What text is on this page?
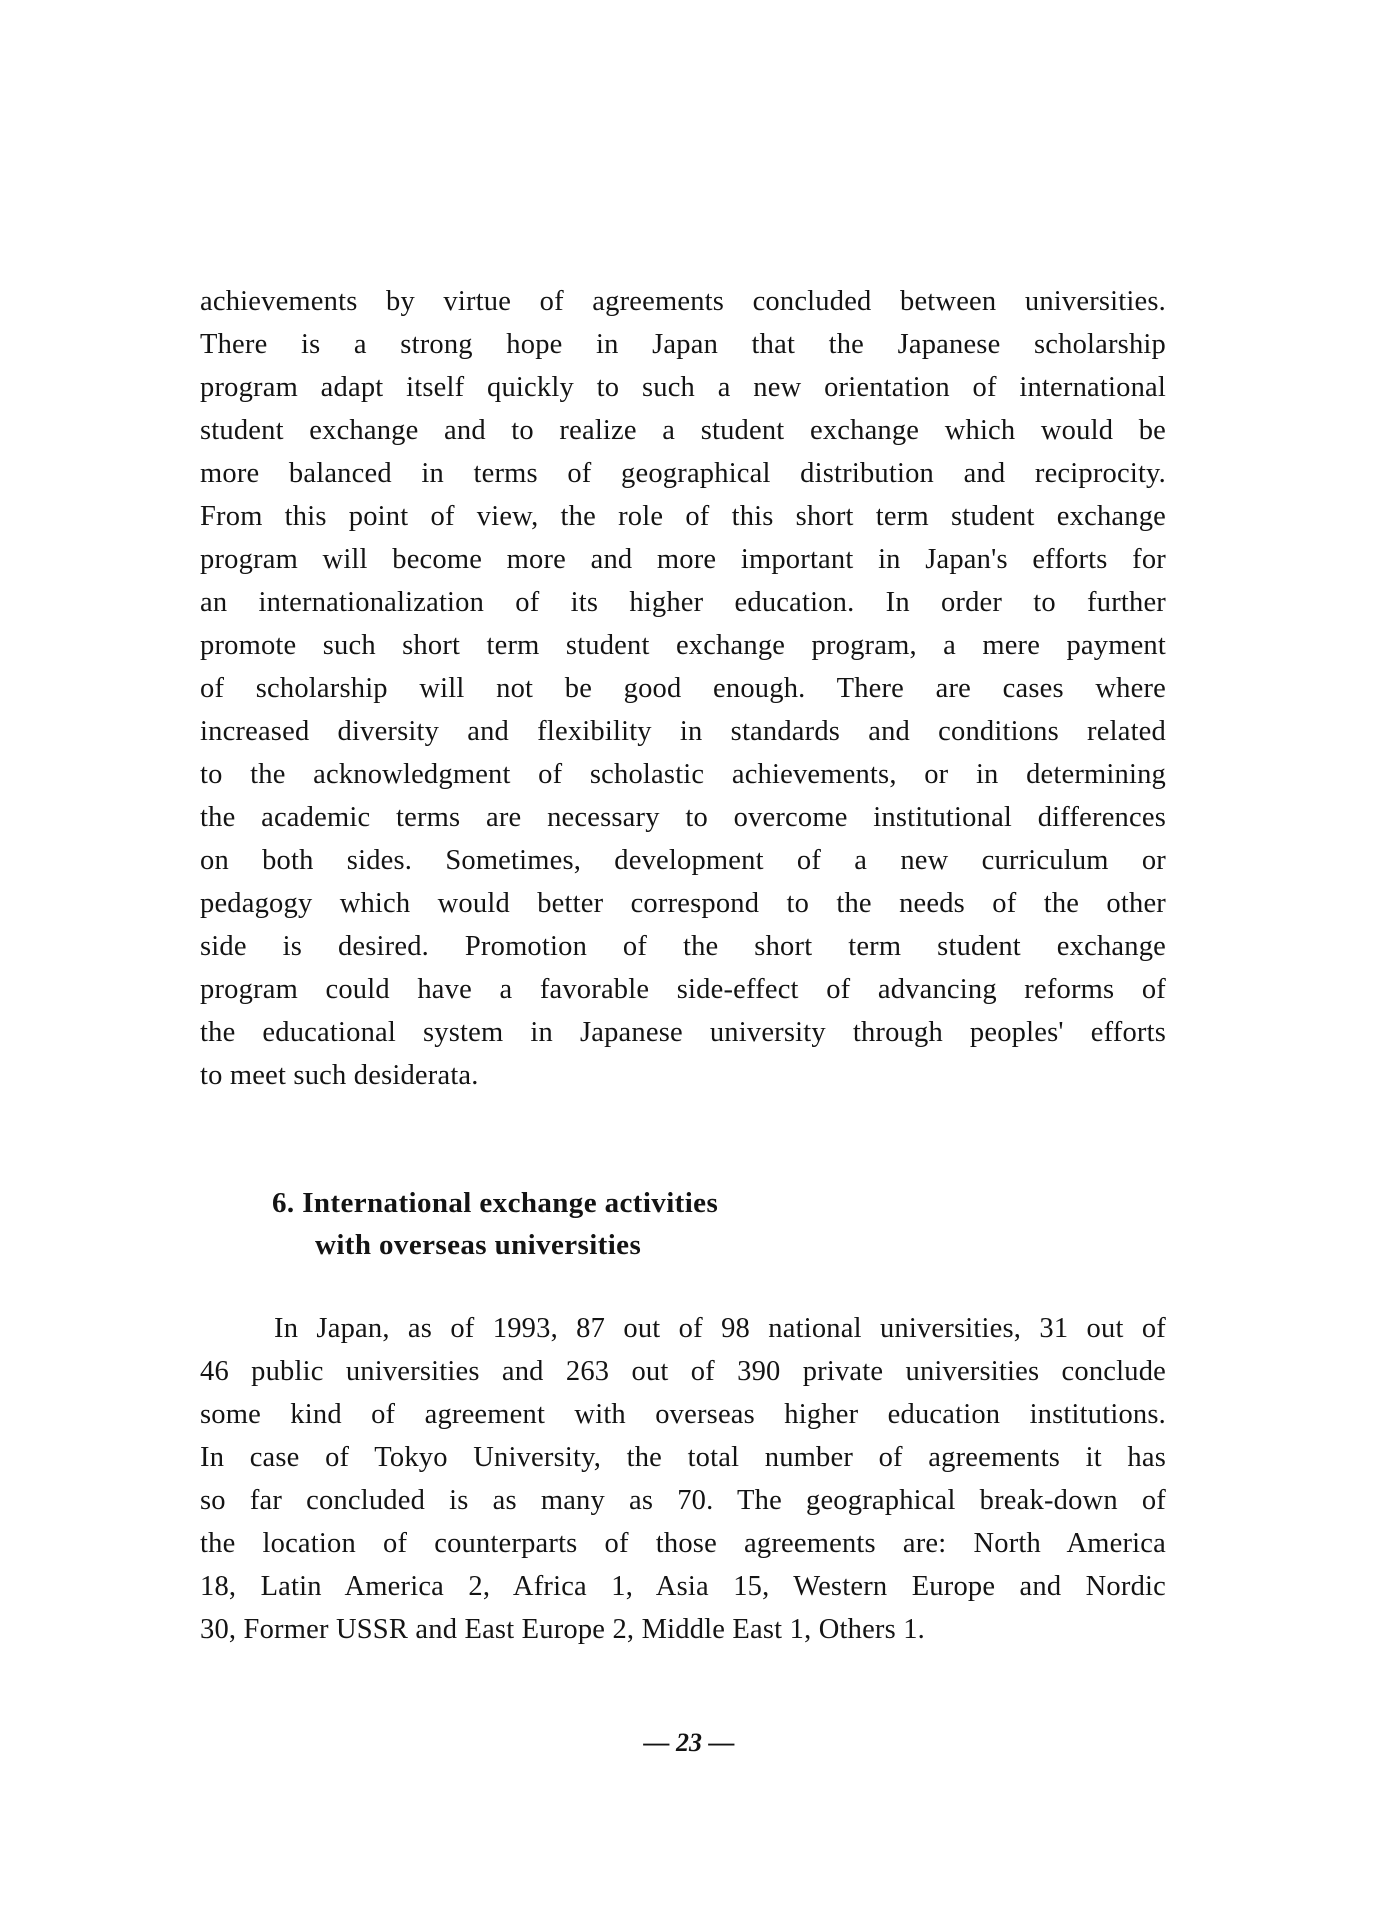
achievements by virtue of agreements concluded between universities.
There is a strong hope in Japan that the Japanese scholarship
program adapt itself quickly to such a new orientation of international
student exchange and to realize a student exchange which would be
more balanced in terms of geographical distribution and reciprocity.
From this point of view, the role of this short term student exchange
program will become more and more important in Japan's efforts for
an internationalization of its higher education. In order to further
promote such short term student exchange program, a mere payment
of scholarship will not be good enough. There are cases where
increased diversity and flexibility in standards and conditions related
to the acknowledgment of scholastic achievements, or in determining
the academic terms are necessary to overcome institutional differences
on both sides. Sometimes, development of a new curriculum or
pedagogy which would better correspond to the needs of the other
side is desired. Promotion of the short term student exchange
program could have a favorable side-effect of advancing reforms of
the educational system in Japanese university through peoples' efforts
to meet such desiderata.
6. International exchange activities
with overseas universities
In Japan, as of 1993, 87 out of 98 national universities, 31 out of
46 public universities and 263 out of 390 private universities conclude
some kind of agreement with overseas higher education institutions.
In case of Tokyo University, the total number of agreements it has
so far concluded is as many as 70. The geographical break-down of
the location of counterparts of those agreements are: North America
18, Latin America 2, Africa 1, Asia 15, Western Europe and Nordic
30, Former USSR and East Europe 2, Middle East 1, Others 1.
— 23 —
